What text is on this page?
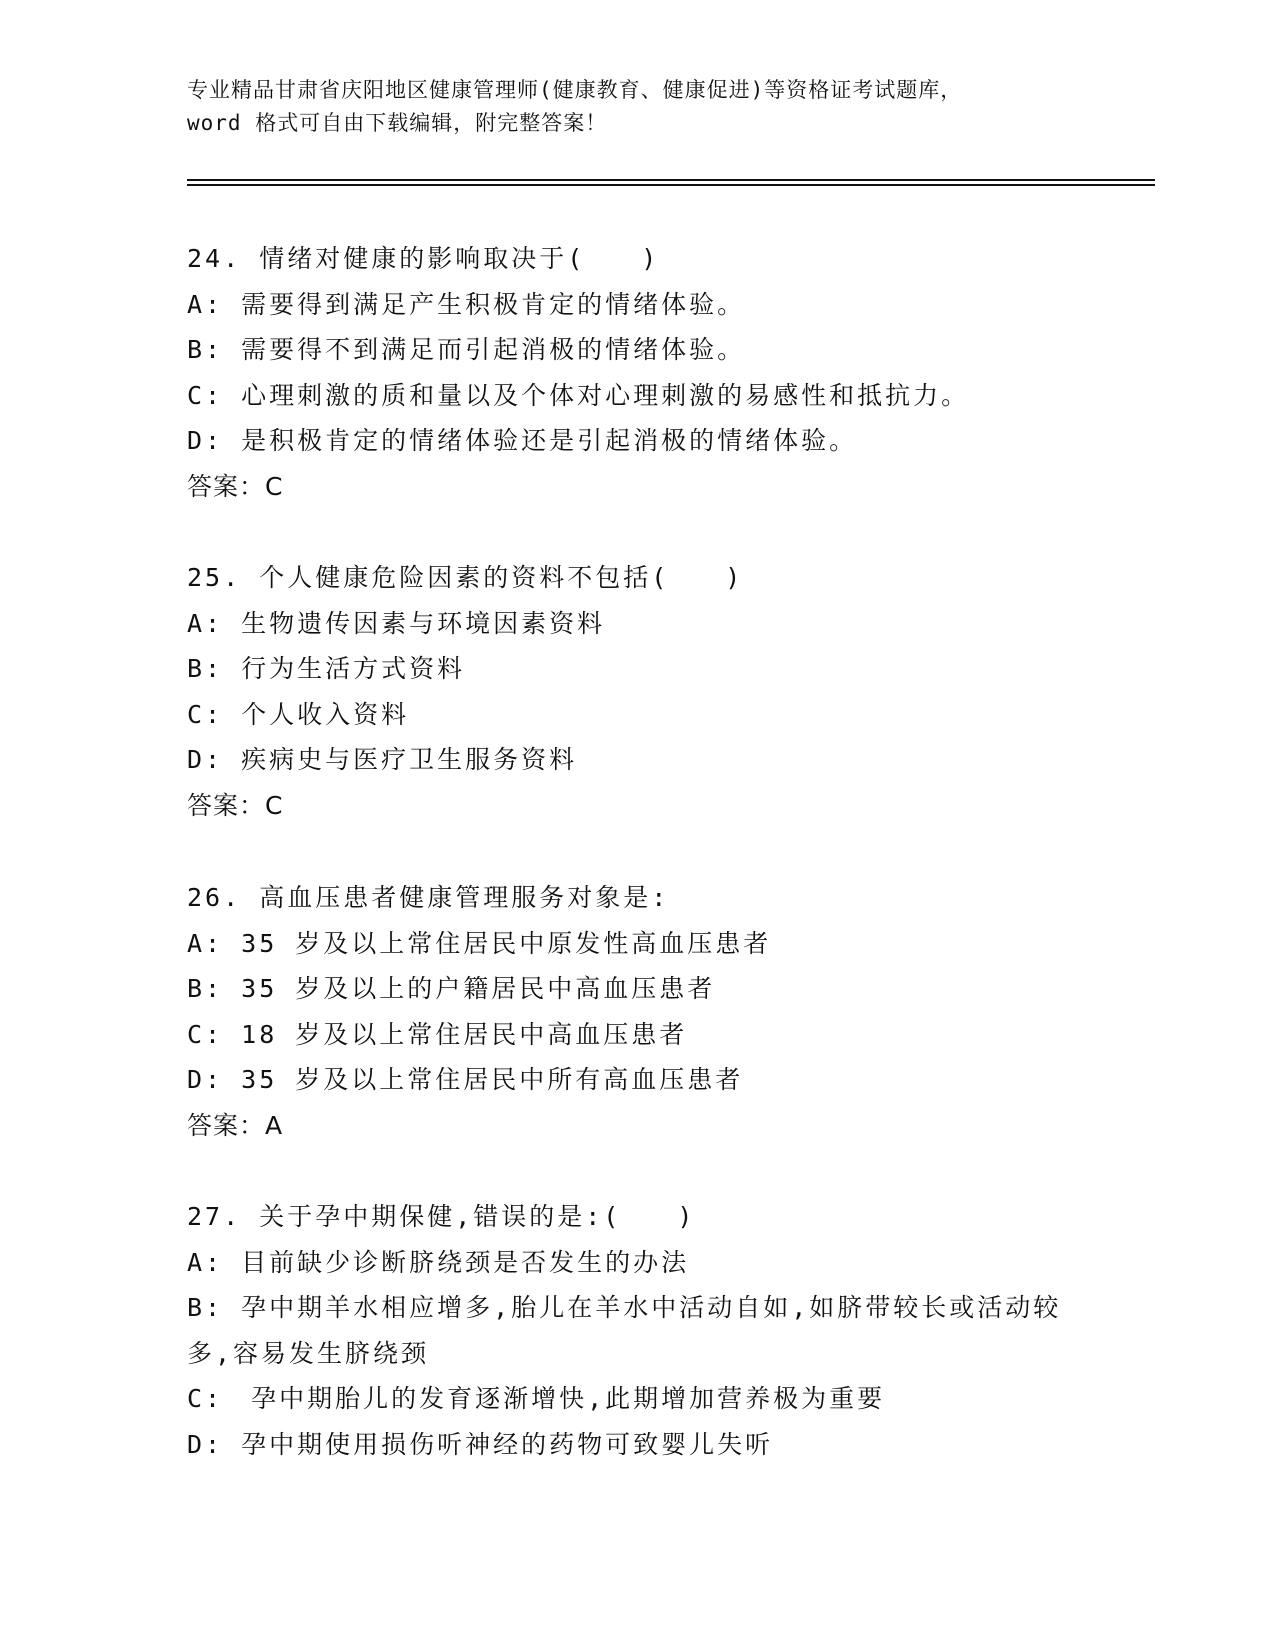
专业精品甘肃省庆阳地区健康管理师(健康教育、健康促进)等资格证考试题库，
word 格式可自由下载编辑，附完整答案！
24. 情绪对健康的影响取决于(　　)
A: 需要得到满足产生积极肯定的情绪体验。
B: 需要得不到满足而引起消极的情绪体验。
C: 心理刺激的质和量以及个体对心理刺激的易感性和抵抗力。
D: 是积极肯定的情绪体验还是引起消极的情绪体验。
答案：C
25. 个人健康危险因素的资料不包括(　　)
A: 生物遗传因素与环境因素资料
B: 行为生活方式资料
C: 个人收入资料
D: 疾病史与医疗卫生服务资料
答案：C
26. 高血压患者健康管理服务对象是:
A: 35 岁及以上常住居民中原发性高血压患者
B: 35 岁及以上的户籍居民中高血压患者
C: 18 岁及以上常住居民中高血压患者
D: 35 岁及以上常住居民中所有高血压患者
答案：A
27. 关于孕中期保健,错误的是:(　　)
A: 目前缺少诊断脐绕颈是否发生的办法
B: 孕中期羊水相应增多,胎儿在羊水中活动自如,如脐带较长或活动较多,容易发生脐绕颈
C:　孕中期胎儿的发育逐渐增快,此期增加营养极为重要
D: 孕中期使用损伤听神经的药物可致婴儿失听
